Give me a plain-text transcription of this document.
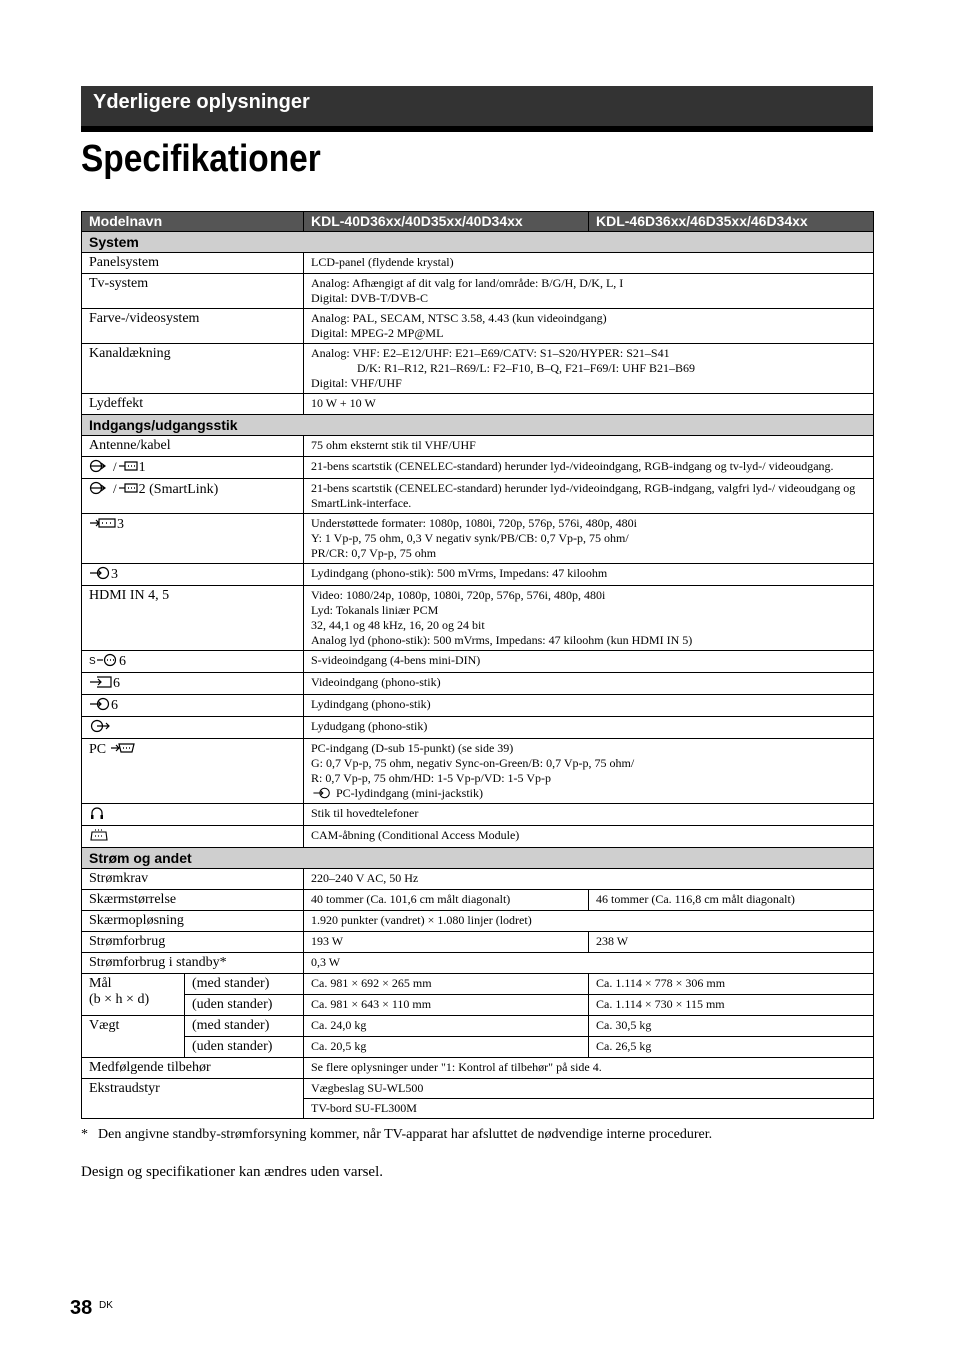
Yderligere oplysninger
Specifikationer
Modelnavn		KDL-40D36xx/40D35xx/40D34xx	KDL-46D36xx/46D35xx/46D34xx
System			
Panelsystem		LCD-panel (flydende krystal)	
Tv-system		Analog: Afhængigt af dit valg for land/område: B/G/H, D/K, L, I
Digital: DVB-T/DVB-C	

Farve-/videosystem		Analog: PAL, SECAM, NTSC 3.58, 4.43 (kun videoindgang)
Digital: MPEG-2 MP@ML	

Kanaldækning		Analog: VHF: E2–E12/UHF: E21–E69/CATV: S1–S20/HYPER: S21–S41
D/K: R1–R12, R21–R69/L: F2–F10, B–Q, F21–F69/I: UHF B21–B69
Digital: VHF/UHF	

Lydeffekt		10 W + 10 W	
Indgangs/udgangsstik			
Antenne/kabel		75 ohm eksternt stik til VHF/UHF	
/ 1		21-bens scartstik (CENELEC-standard) herunder lyd-/videoindgang, RGB-indgang og tv-lyd-/ videoudgang.	
/ 2 (SmartLink)		21-bens scartstik (CENELEC-standard) herunder lyd-/videoindgang, RGB-indgang, valgfri lyd-/ videoudgang og SmartLink-interface.	
3		Understøttede formater: 1080p, 1080i, 720p, 576p, 576i, 480p, 480i
Y: 1 Vp-p, 75 ohm, 0,3 V negativ synk/PB/CB: 0,7 Vp-p, 75 ohm/
PR/CR: 0,7 Vp-p, 75 ohm	

3		Lydindgang (phono-stik): 500 mVrms, Impedans: 47 kiloohm	
HDMI IN 4, 5		Video: 1080/24p, 1080p, 1080i, 720p, 576p, 576i, 480p, 480i
Lyd: Tokanals liniær PCM
32, 44,1 og 48 kHz, 16, 20 og 24 bit
Analog lyd (phono-stik): 500 mVrms, Impedans: 47 kiloohm (kun HDMI IN 5)	

S 6		S-videoindgang (4-bens mini-DIN)	
6		Videoindgang (phono-stik)	
6		Lydindgang (phono-stik)	
	Lydudgang (phono-stik)	
PC		PC-indgang (D-sub 15-punkt) (se side 39)
G: 0,7 Vp-p, 75 ohm, negativ Sync-on-Green/B: 0,7 Vp-p, 75 ohm/
R: 0,7 Vp-p, 75 ohm/HD: 1-5 Vp-p/VD: 1-5 Vp-p
PC-lydindgang (mini-jackstik)	

	Stik til hovedtelefoner	
	CAM-åbning (Conditional Access Module)	
Strøm og andet			
Strømkrav		220–240 V AC, 50 Hz	
Skærmstørrelse		40 tommer (Ca. 101,6 cm målt diagonalt)	46 tommer (Ca. 116,8 cm målt diagonalt)
Skærmopløsning		1.920 punkter (vandret) × 1.080 linjer (lodret)	
Strømforbrug		193 W	238 W
Strømforbrug i standby*		0,3 W	

Mål
(b × h × d)	(med stander)	Ca. 981 × 692 × 265 mm	Ca. 1.114 × 778 × 306 mm
	(uden stander)	Ca. 981 × 643 × 110 mm	Ca. 1.114 × 730 × 115 mm
Vægt	(med stander)	Ca. 24,0 kg	Ca. 30,5 kg
	(uden stander)	Ca. 20,5 kg	Ca. 26,5 kg
Medfølgende tilbehør		Se flere oplysninger under "1: Kontrol af tilbehør" på side 4.	
Ekstraudstyr		Vægbeslag SU-WL500	
		TV-bord SU-FL300M	
* Den angivne standby-strømforsyning kommer, når TV-apparat har afsluttet de nødvendige interne procedurer.
Design og specifikationer kan ændres uden varsel.
38 DK
